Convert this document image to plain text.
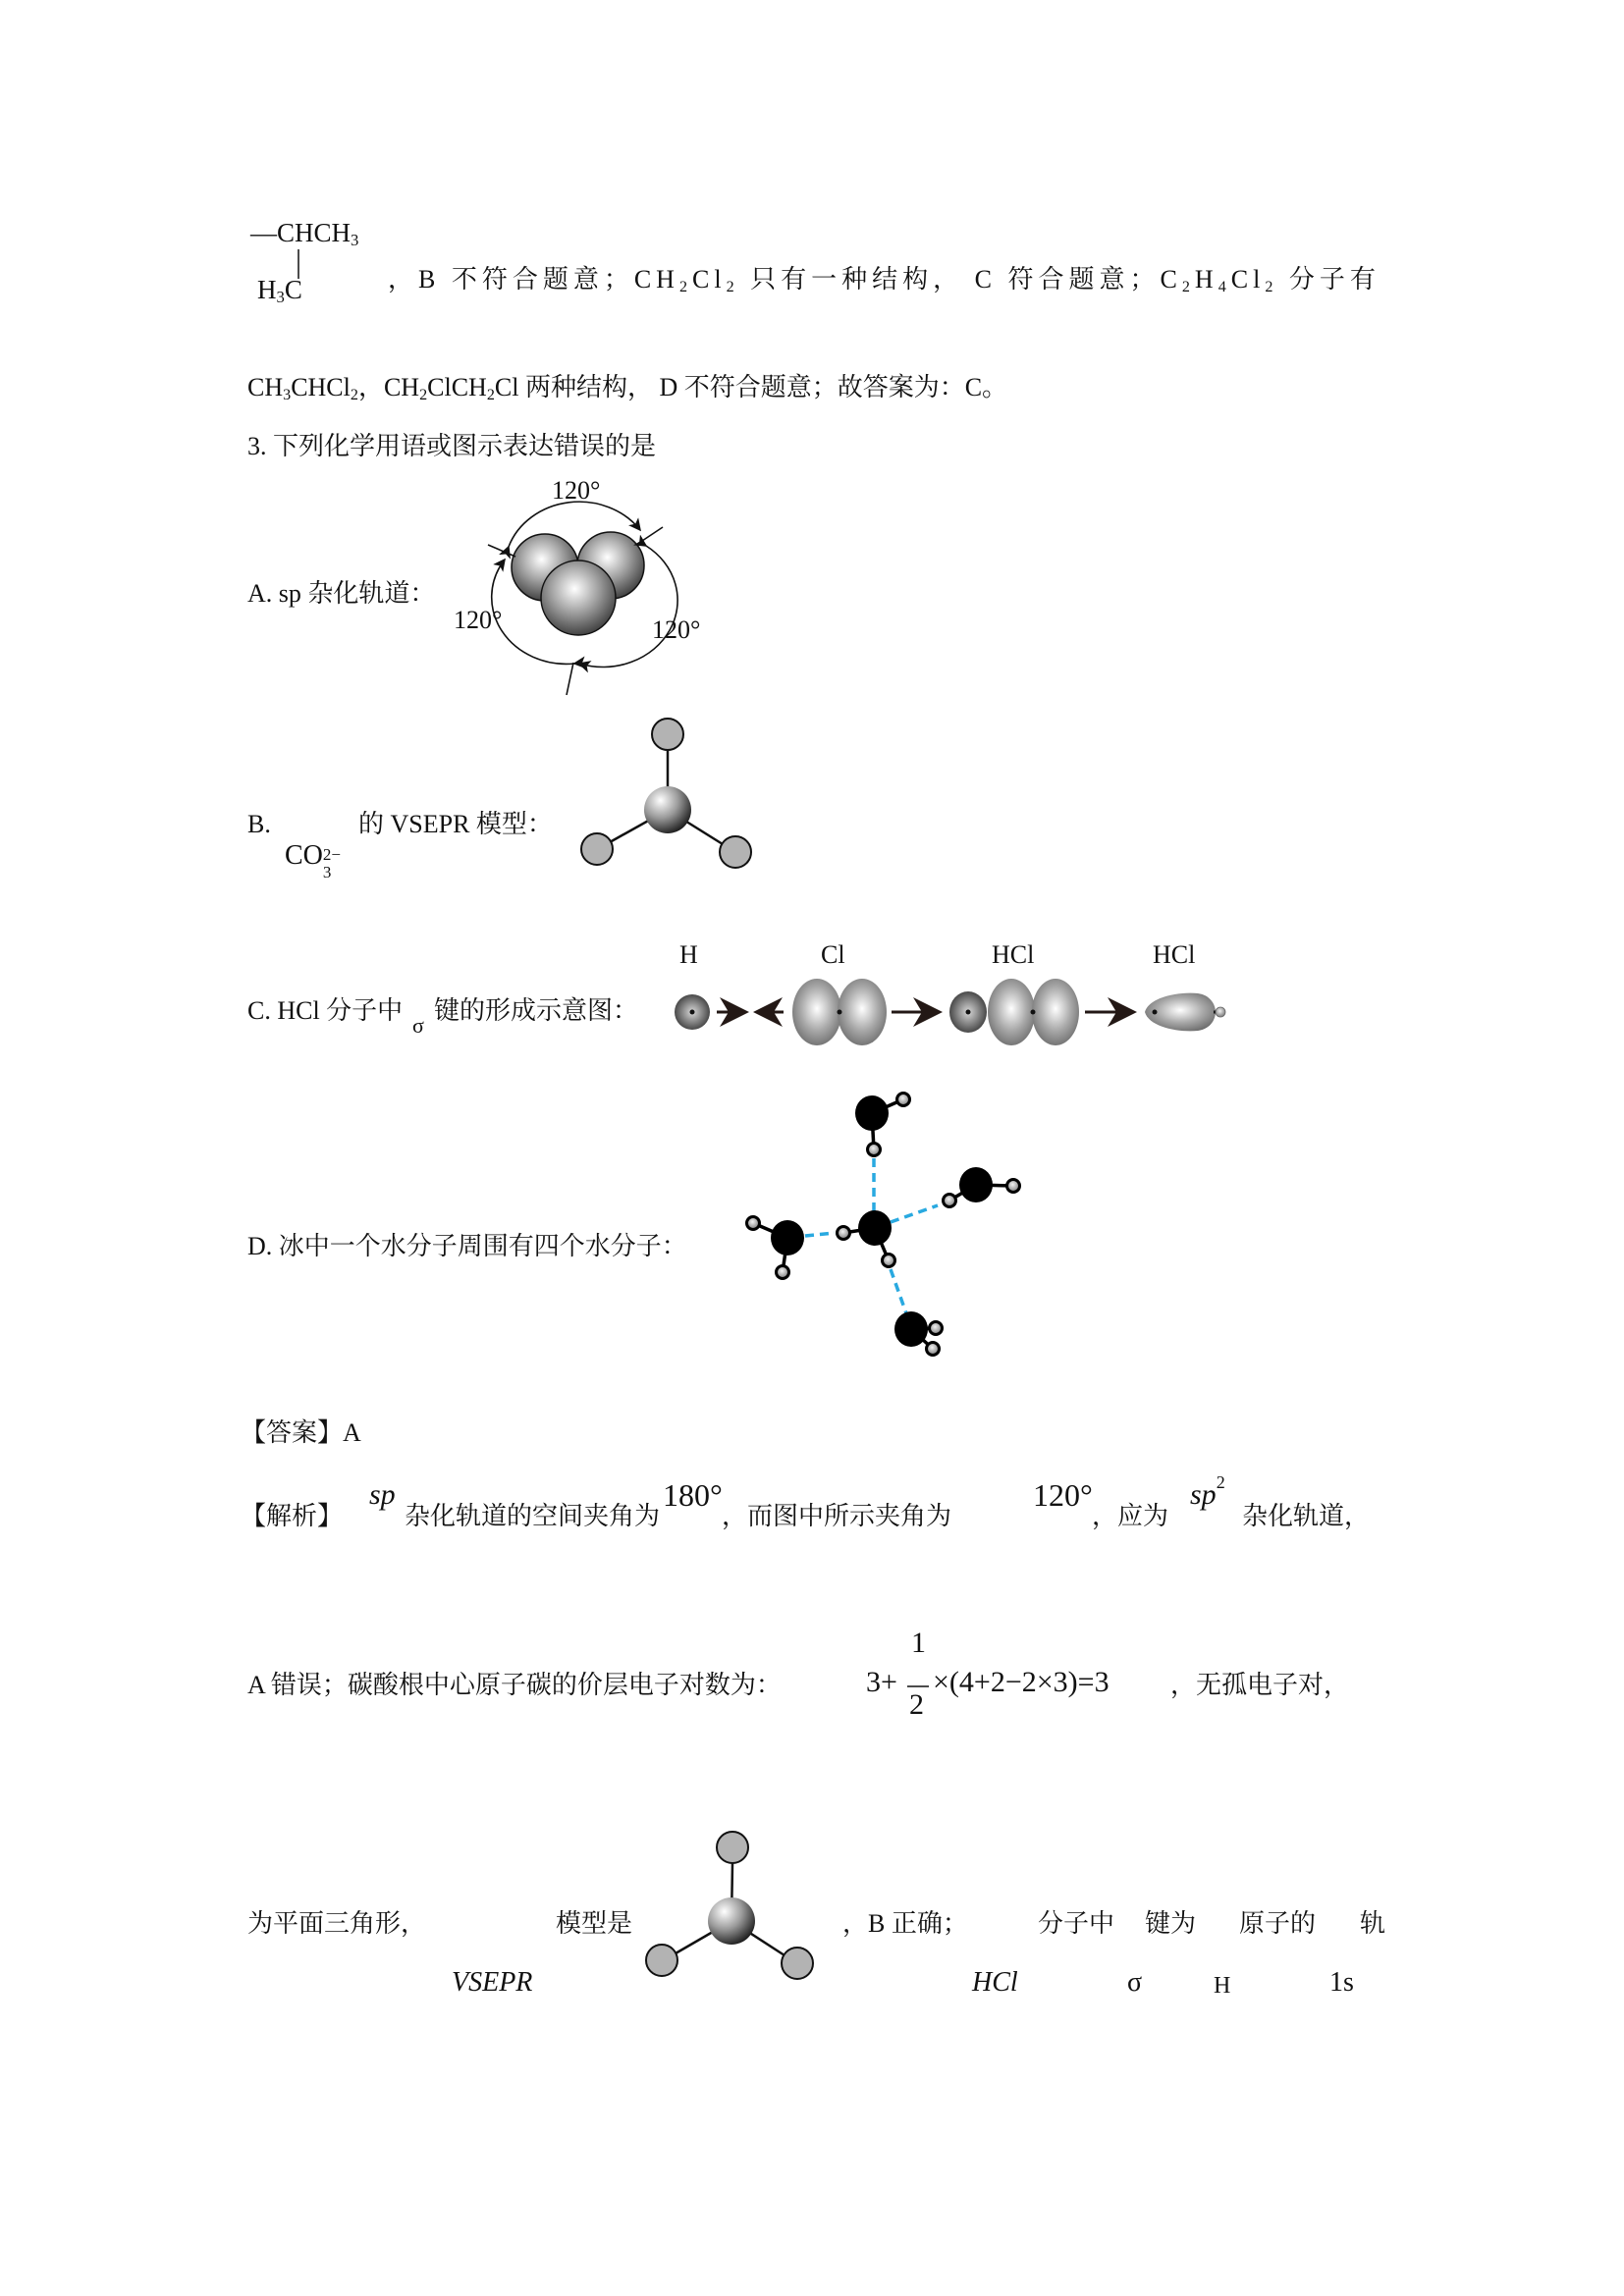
$—CHCH_3$
$H_3C$	，B 不符合题意；$CH_2Cl_2$ 只有一种结构， C 符合题意；$C_2H_4Cl_2$ 分子有
$CH_3CHCl_2$，$CH_2ClCH_2Cl$ 两种结构， D 不符合题意；故答案为：C。
3. 下列化学用语或图示表达错误的是
A. sp 杂化轨道：
120°
120°	120°
B.
CO 2−
3
的 VSEPR 模型：
C. HCl 分子中
σ
键的形成示意图：
H	Cl	HCl	HCl
D. 冰中一个水分子周围有四个水分子：
【答案】A
【解析】
sp
杂化轨道的空间夹角为
180°
，而图中所示夹角为
120°
，应为
$sp^2$
杂化轨道，
A 错误；碳酸根中心原子碳的价层电子对数为：	3+
1
2
×(4+2−2×3)=3 ，无孤电子对，
为平面三角形，
VSEPR
模型是	，B 正确；
HCl
分子中
σ
键为
H
原子的
1s
轨
